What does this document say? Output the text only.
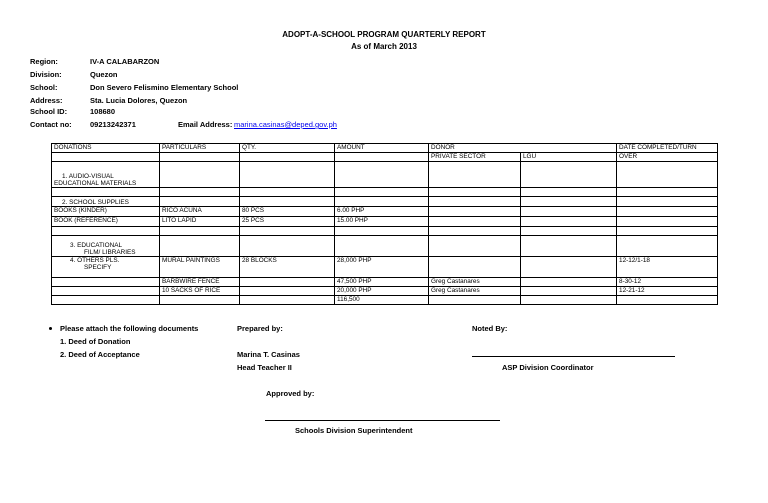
ADOPT-A-SCHOOL PROGRAM QUARTERLY REPORT
As of March 2013
Region:	IV-A CALABARZON
Division:	Quezon
School:	Don Severo Felismino Elementary School
Address:	Sta. Lucia Dolores, Quezon
School ID:	108680
Contact no: 09213242371	Email Address: marina.casinas@deped.gov.ph
DONATIONS	PARTICULARS	QTY.	AMOUNT	DONOR		DATE COMPLETED/TURN
				PRIVATE SECTOR	LGU	OVER

1. AUDIO-VISUAL
EDUCATIONAL MATERIALS						

2. SCHOOL SUPPLIES						
BOOKS (KINDER)	RICO ACUNA	80 PCS	6.00 PHP			
BOOK (REFERENCE)	LITO LAPID	25 PCS	15.00 PHP			

3. EDUCATIONAL
FILM/ LIBRARIES						

4. OTHERS PLS.
SPECIFY	MURAL PAINTINGS	28 BLOCKS	28,000 PHP			12-12/1-18
	BARBWIRE FENCE		47,500 PHP	Greg Castanares		8-30-12
	10 SACKS OF RICE		20,000 PHP	Greg Castanares		12-21-12
			116,500			
Please attach the following documents
1. Deed of Donation
2. Deed of Acceptance
Prepared by:
Marina T. Casinas
Head Teacher II
Noted By:
ASP Division Coordinator
Approved by:
Schools Division Superintendent
